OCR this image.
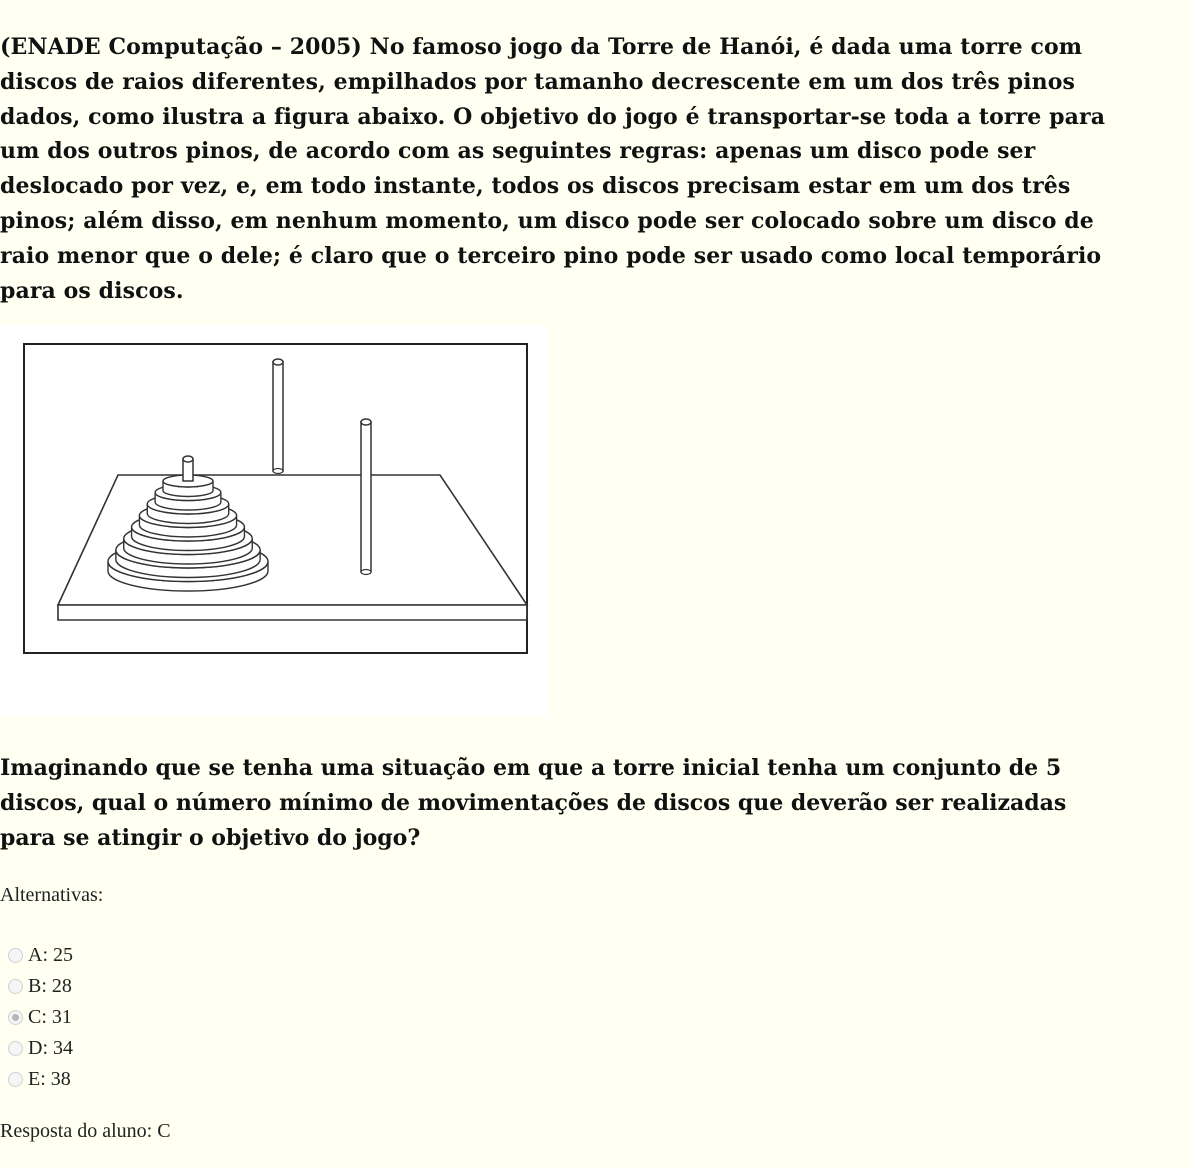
(ENADE Computação – 2005) No famoso jogo da Torre de Hanói, é dada uma torre com discos de raios diferentes, empilhados por tamanho decrescente em um dos três pinos dados, como ilustra a figura abaixo. O objetivo do jogo é transportar-se toda a torre para um dos outros pinos, de acordo com as seguintes regras: apenas um disco pode ser deslocado por vez, e, em todo instante, todos os discos precisam estar em um dos três pinos; além disso, em nenhum momento, um disco pode ser colocado sobre um disco de raio menor que o dele; é claro que o terceiro pino pode ser usado como local temporário para os discos.
Imaginando que se tenha uma situação em que a torre inicial tenha um conjunto de 5 discos, qual o número mínimo de movimentações de discos que deverão ser realizadas para se atingir o objetivo do jogo?
Alternativas:
A: 25
B: 28
C: 31
D: 34
E: 38
Resposta do aluno: C
